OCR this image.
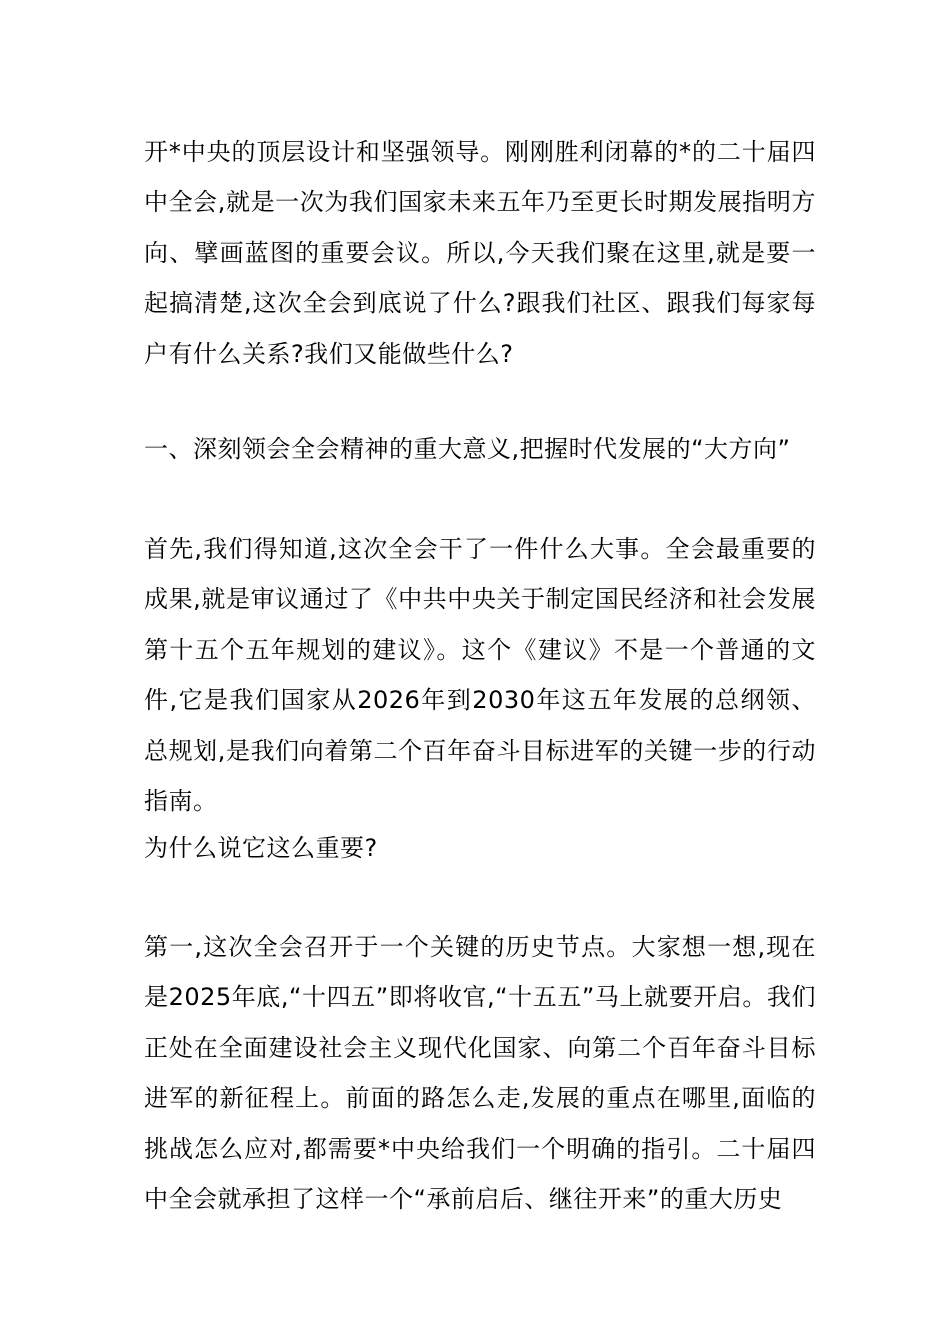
开*中央的顶层设计和坚强领导。刚刚胜利闭幕的*的二十届四中全会,就是一次为我们国家未来五年乃至更长时期发展指明方向、擘画蓝图的重要会议。所以,今天我们聚在这里,就是要一起搞清楚,这次全会到底说了什么?跟我们社区、跟我们每家每户有什么关系?我们又能做些什么?

一、深刻领会全会精神的重大意义,把握时代发展的“大方向”

首先,我们得知道,这次全会干了一件什么大事。全会最重要的成果,就是审议通过了《中共中央关于制定国民经济和社会发展第十五个五年规划的建议》。这个《建议》不是一个普通的文件,它是我们国家从2026年到2030年这五年发展的总纲领、总规划,是我们向着第二个百年奋斗目标进军的关键一步的行动指南。

为什么说它这么重要?

第一,这次全会召开于一个关键的历史节点。大家想一想,现在是2025年底,“十四五”即将收官,“十五五”马上就要开启。我们正处在全面建设社会主义现代化国家、向第二个百年奋斗目标进军的新征程上。前面的路怎么走,发展的重点在哪里,面临的挑战怎么应对,都需要*中央给我们一个明确的指引。二十届四中全会就承担了这样一个“承前启后、继往开来”的重大历史
